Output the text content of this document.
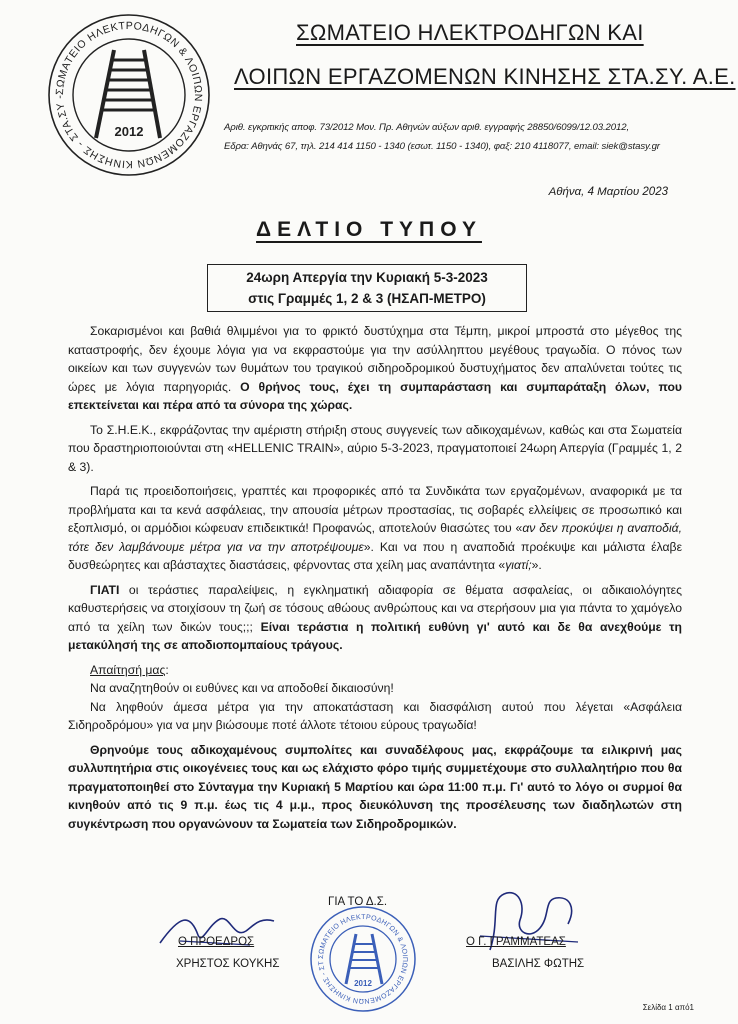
ΣΩΜΑΤΕΙΟ ΗΛΕΚΤΡΟΔΗΓΩΝ & ΛΟΙΠΩΝ ΕΡΓΑΖΟΜΕΝΩΝ ΚΙΝΗΣΗΣ - ΣΤΑ.ΣΥ -
2012
ΣΩΜΑΤΕΙΟ ΗΛΕΚΤΡΟΔΗΓΩΝ ΚΑΙ
ΛΟΙΠΩΝ ΕΡΓΑΖΟΜΕΝΩΝ ΚΙΝΗΣΗΣ ΣΤΑ.ΣΥ. Α.Ε.
Αριθ. εγκριτικής αποφ. 73/2012 Μον. Πρ. Αθηνών αύξων αριθ. εγγραφής 28850/6099/12.03.2012,
Εδρα: Αθηνάς 67, τηλ. 214 414 1150 - 1340 (εσωτ. 1150 - 1340), φαξ: 210 4118077, email: siek@stasy.gr
Αθήνα, 4 Μαρτίου 2023
ΔΕΛΤΙΟ ΤΥΠΟΥ
24ωρη Απεργία την Κυριακή 5-3-2023
στις Γραμμές 1, 2 & 3 (ΗΣΑΠ-ΜΕΤΡΟ)

Σοκαρισμένοι και βαθιά θλιμμένοι για το φρικτό δυστύχημα στα Τέμπη, μικροί μπροστά στο μέγεθος της καταστροφής, δεν έχουμε λόγια για να εκφραστούμε για την ασύλληπτου μεγέθους τραγωδία. Ο πόνος των οικείων και των συγγενών των θυμάτων του τραγικού σιδηροδρομικού δυστυχήματος δεν απαλύνεται τούτες τις ώρες με λόγια παρηγοριάς. Ο θρήνος τους, έχει τη συμπαράσταση και συμπαράταξη όλων, που επεκτείνεται και πέρα από τα σύνορα της χώρας.

Το Σ.Η.Ε.Κ., εκφράζοντας την αμέριστη στήριξη στους συγγενείς των αδικοχαμένων, καθώς και στα Σωματεία που δραστηριοποιούνται στη «HELLENIC TRAIN», αύριο 5-3-2023, πραγματοποιεί 24ωρη Απεργία (Γραμμές 1, 2 & 3).

Παρά τις προειδοποιήσεις, γραπτές και προφορικές από τα Συνδικάτα των εργαζομένων, αναφορικά με τα προβλήματα και τα κενά ασφάλειας, την απουσία μέτρων προστασίας, τις σοβαρές ελλείψεις σε προσωπικό και εξοπλισμό, οι αρμόδιοι κώφευαν επιδεικτικά! Προφανώς, αποτελούν θιασώτες του «αν δεν προκύψει η αναποδιά, τότε δεν λαμβάνουμε μέτρα για να την αποτρέψουμε». Και να που η αναποδιά προέκυψε και μάλιστα έλαβε δυσθεώρητες και αβάσταχτες διαστάσεις, φέρνοντας στα χείλη μας αναπάντητα «γιατί;».

ΓΙΑΤΙ οι τεράστιες παραλείψεις, η εγκληματική αδιαφορία σε θέματα ασφαλείας, οι αδικαιολόγητες καθυστερήσεις να στοιχίσουν τη ζωή σε τόσους αθώους ανθρώπους και να στερήσουν μια για πάντα το χαμόγελο από τα χείλη των δικών τους;;; Είναι τεράστια η πολιτική ευθύνη γι' αυτό και δε θα ανεχθούμε τη μετακύλησή της σε αποδιοπομπαίους τράγους.

Απαίτησή μας:

Να αναζητηθούν οι ευθύνες και να αποδοθεί δικαιοσύνη!

Να ληφθούν άμεσα μέτρα για την αποκατάσταση και διασφάλιση αυτού που λέγεται «Ασφάλεια Σιδηροδρόμου» για να μην βιώσουμε ποτέ άλλοτε τέτοιου εύρους τραγωδία!

Θρηνούμε τους αδικοχαμένους συμπολίτες και συναδέλφους μας, εκφράζουμε τα ειλικρινή μας συλλυπητήρια στις οικογένειες τους και ως ελάχιστο φόρο τιμής συμμετέχουμε στο συλλαλητήριο που θα πραγματοποιηθεί στο Σύνταγμα την Κυριακή 5 Μαρτίου και ώρα 11:00 π.μ. Γι' αυτό το λόγο οι συρμοί θα κινηθούν από τις 9 π.μ. έως τις 4 μ.μ., προς διευκόλυνση της προσέλευσης των διαδηλωτών στη συγκέντρωση που οργανώνουν τα Σωματεία των Σιδηροδρομικών.

ΓΙΑ ΤΟ Δ.Σ.
ΣΩΜΑΤΕΙΟ ΗΛΕΚΤΡΟΔΗΓΩΝ & ΛΟΙΠΩΝ ΕΡΓΑΖΟΜΕΝΩΝ ΚΙΝΗΣΗΣ - ΣΤ
2012
Ο ΠΡΟΕΔΡΟΣ
ΧΡΗΣΤΟΣ ΚΟΥΚΗΣ
Ο Γ. ΓΡΑΜΜΑΤΕΑΣ
ΒΑΣΙΛΗΣ ΦΩΤΗΣ
Σελίδα 1 από1
